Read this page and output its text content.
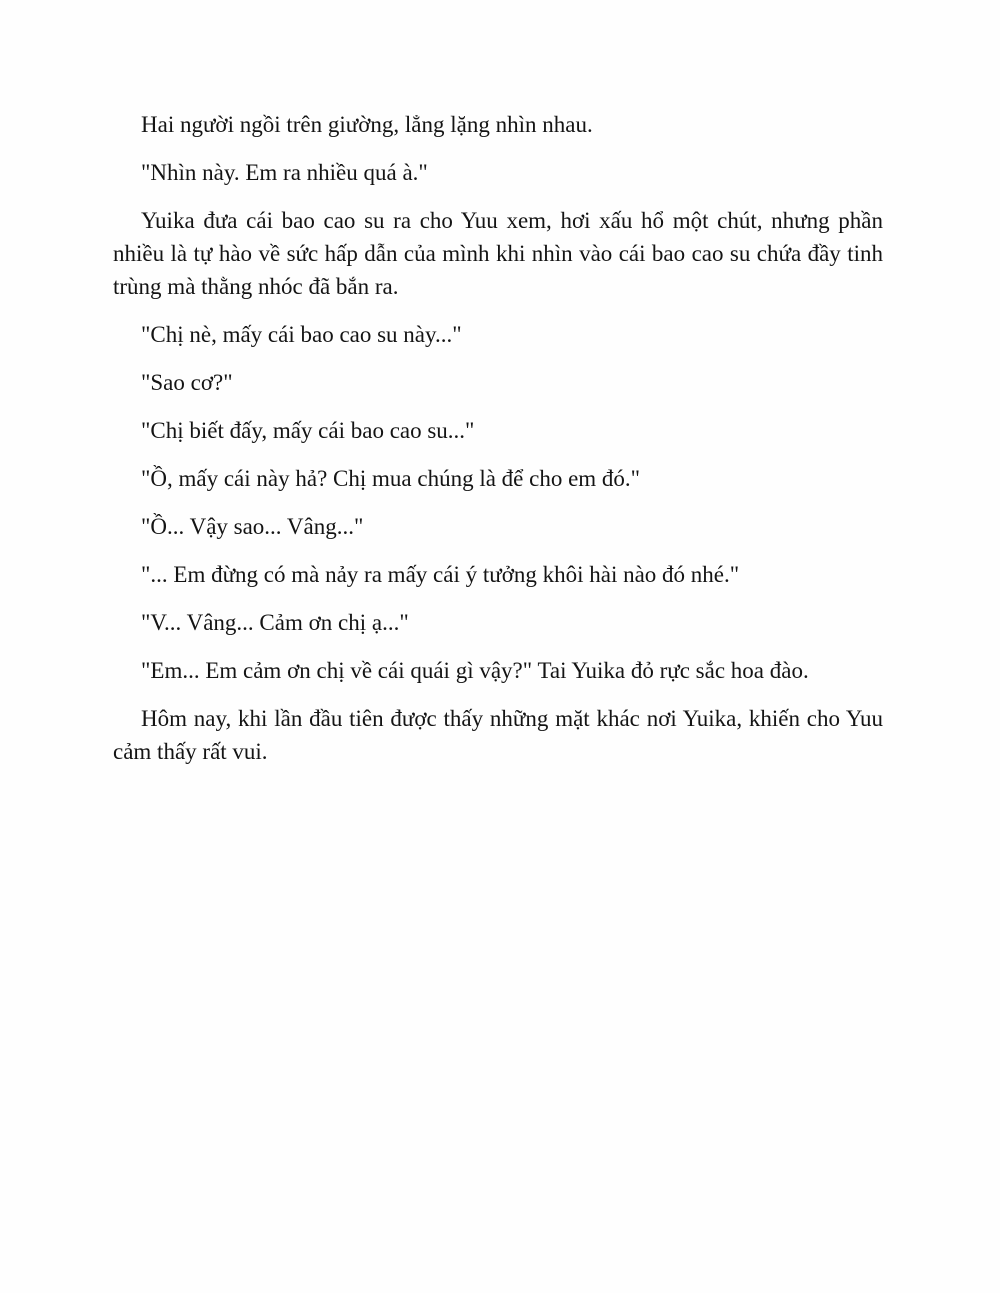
Hai người ngồi trên giường, lẳng lặng nhìn nhau.

"Nhìn này. Em ra nhiều quá à."

Yuika đưa cái bao cao su ra cho Yuu xem, hơi xấu hổ một chút, nhưng phần nhiều là tự hào về sức hấp dẫn của mình khi nhìn vào cái bao cao su chứa đầy tinh trùng mà thằng nhóc đã bắn ra.

"Chị nè, mấy cái bao cao su này..."

"Sao cơ?"

"Chị biết đấy, mấy cái bao cao su..."

"Ồ, mấy cái này hả? Chị mua chúng là để cho em đó."

"Ồ... Vậy sao... Vâng..."

"... Em đừng có mà nảy ra mấy cái ý tưởng khôi hài nào đó nhé."

"V... Vâng... Cảm ơn chị ạ..."

"Em... Em cảm ơn chị về cái quái gì vậy?" Tai Yuika đỏ rực sắc hoa đào.

Hôm nay, khi lần đầu tiên được thấy những mặt khác nơi Yuika, khiến cho Yuu cảm thấy rất vui.
